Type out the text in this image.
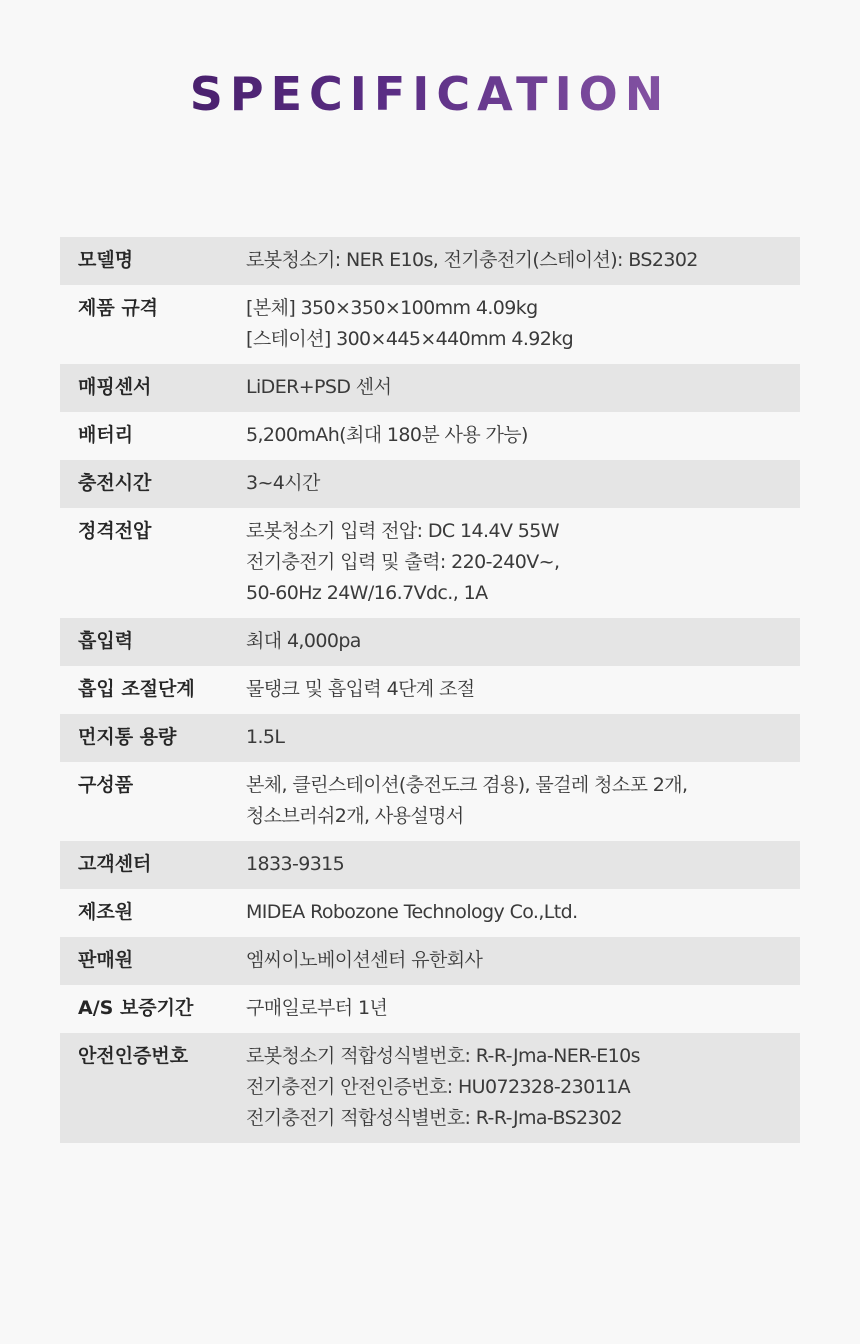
SPECIFICATION
모델명	로봇청소기: NER E10s, 전기충전기(스테이션): BS2302
제품 규격	[본체] 350×350×100mm 4.09kg
[스테이션] 300×445×440mm 4.92kg
매핑센서	LiDER+PSD 센서
배터리	5,200mAh(최대 180분 사용 가능)
충전시간	3~4시간
정격전압	로봇청소기 입력 전압: DC 14.4V 55W
전기충전기 입력 및 출력: 220-240V~,
50-60Hz 24W/16.7Vdc., 1A
흡입력	최대 4,000pa
흡입 조절단계	물탱크 및 흡입력 4단계 조절
먼지통 용량	1.5L
구성품	본체, 클린스테이션(충전도크 겸용), 물걸레 청소포 2개,
청소브러쉬2개, 사용설명서
고객센터	1833-9315
제조원	MIDEA Robozone Technology Co.,Ltd.
판매원	엠씨이노베이션센터 유한회사
A/S 보증기간	구매일로부터 1년
안전인증번호	로봇청소기 적합성식별번호: R-R-Jma-NER-E10s
전기충전기 안전인증번호: HU072328-23011A
전기충전기 적합성식별번호: R-R-Jma-BS2302
